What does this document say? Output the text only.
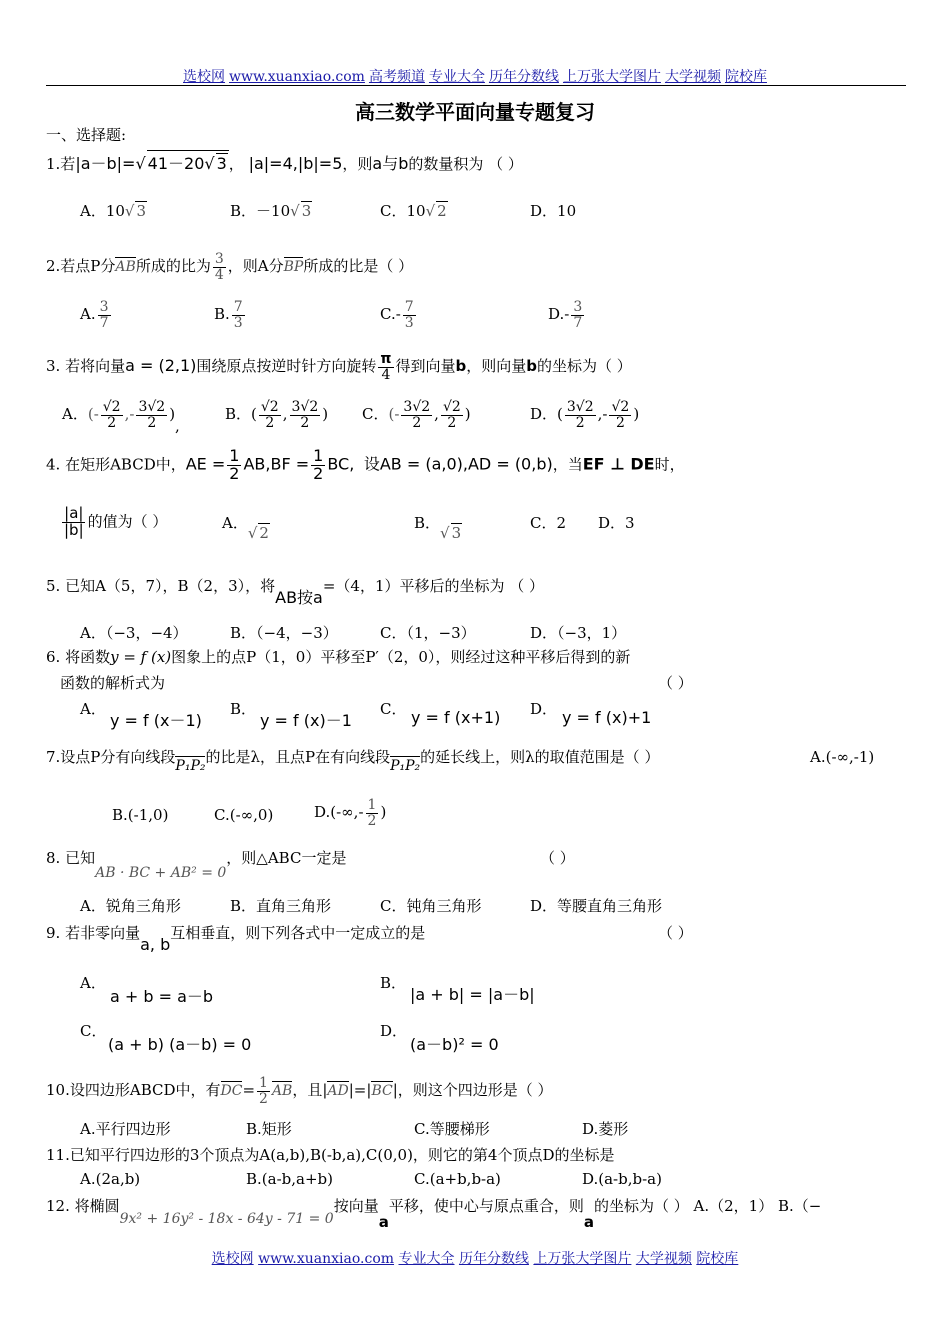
选校网 www.xuanxiao.com 高考频道 专业大全 历年分数线 上万张大学图片 大学视频 院校库
高三数学平面向量专题复习
一、选择题:
1.若|a－b|=√ 41－20√ 3 ， |a|=4,|b|=5，则a与b的数量积为 （ ）
A．10√ 3	B．－10√ 3	C．10√ 2	D．10
2.若点P分AB所成的比为 $\frac{3}{4}$ ，则A分BP所成的比是（ ）
A. $\frac{3}{7}$	B. $\frac{7}{3}$	$C.- \frac{7}{3}$	$D.- \frac{3}{7}$
3. 若将向量a = (2,1)围绕原点按逆时针方向旋转 $\frac{\pi}{4}$ 得到向量b，则向量b的坐标为（ ）
A．(- $\frac{√2}{2}$ ,- $\frac{3√2}{2}$ ),
B．( $\frac{√2}{2}$ , $\frac{3√2}{2}$ ) C．(- $\frac{3√2}{2}$ , $\frac{√2}{2}$ )	D．( $\frac{3√2}{2}$ ,- $\frac{√2}{2}$ )
4. 在矩形ABCD中，AE = $\frac{1}{2} AB,BF = \frac{1}{2}$ BC, 设AB = (a,0),AD = (0,b)，当EF ⊥ DE时，
$\frac{|a|}{|b|}$ 的值为（ ）	A．√ 2
B．√ 3
C．2 D．3
5. 已知A（5，7），B（2，3），将AB按a=（4，1）平移后的坐标为 （ ）
A．（−3，−4）	B．（−4，−3）	C．（1，−3）	D．（−3，1）
6. 将函数y = f (x)图象上的点P（1，0）平移至P′（2，0），则经过这种平移后得到的新
函数的解析式为	（ ）
A．
y = f (x－1)
B．
y = f (x)－1
C． y = f (x+1) D． y = f (x)+1
7.设点P分有向线段P₁P₂的比是λ，且点P在有向线段P₁P₂的延长线上，则λ的取值范围是（ ）	A.(-∞,-1)
B.(-1,0)	C.(-∞,0)	$D.(-\infty,- \frac{1}{2}$ )
8. 已知AB · BC + AB² = 0，则△ABC一定是	（ ）
A．锐角三角形	B．直角三角形	C．钝角三角形	D．等腰直角三角形
9. 若非零向量a, b互相垂直，则下列各式中一定成立的是	（ ）
A．
a + b = a－b
B．
|a + b| = |a－b|
C．
(a + b) (a－b) = 0
D．
(a－b)² = 0
10.设四边形ABCD中，有$DC= \frac{1}{2}$ AB，且|AD|=|BC|，则这个四边形是（ ）
A.平行四边形	B.矩形	C.等腰梯形	D.菱形
11.已知平行四边形的3个顶点为A(a,b),B(-b,a),C(0,0)，则它的第4个顶点D的坐标是
A.(2a,b)	B.(a-b,a+b)	C.(a+b,b-a)	D.(a-b,b-a)
12. 将椭圆9x² + 16y² - 18x - 64y - 71 = 0按向量a平移，使中心与原点重合，则a的坐标为（ ） A.（2，1） B.（−
选校网 www.xuanxiao.com 专业大全 历年分数线 上万张大学图片 大学视频 院校库
